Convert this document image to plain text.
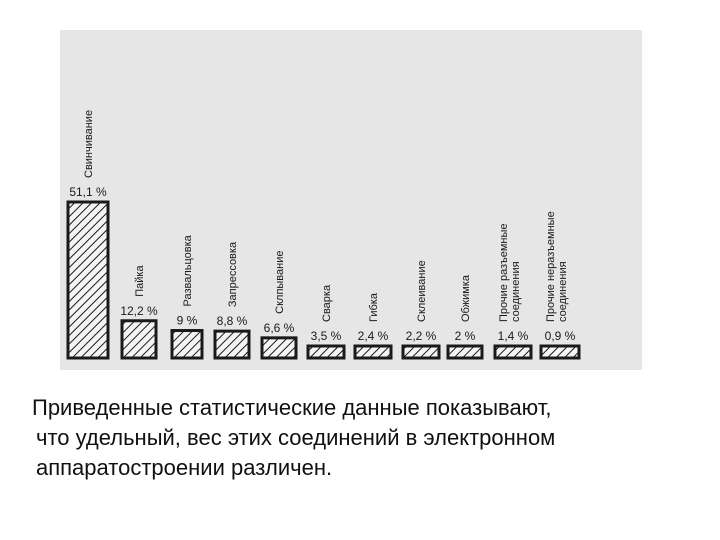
51,1 %
Свинчивание
12,2 %
Пайка
9 %
Развальцовка
8,8 %
Запрессовка
6,6 %
Склпывание
3,5 %
Сварка
2,4 %
Гибка
2,2 %
Склеивание
2 %
Обжимка
1,4 %
Прочие разъемныесоединения
0,9 %
Прочие неразъемныесоединения
Приведенные статистические данные показывают,
что удельный, вес этих соединений в электронном
аппаратостроении различен.
